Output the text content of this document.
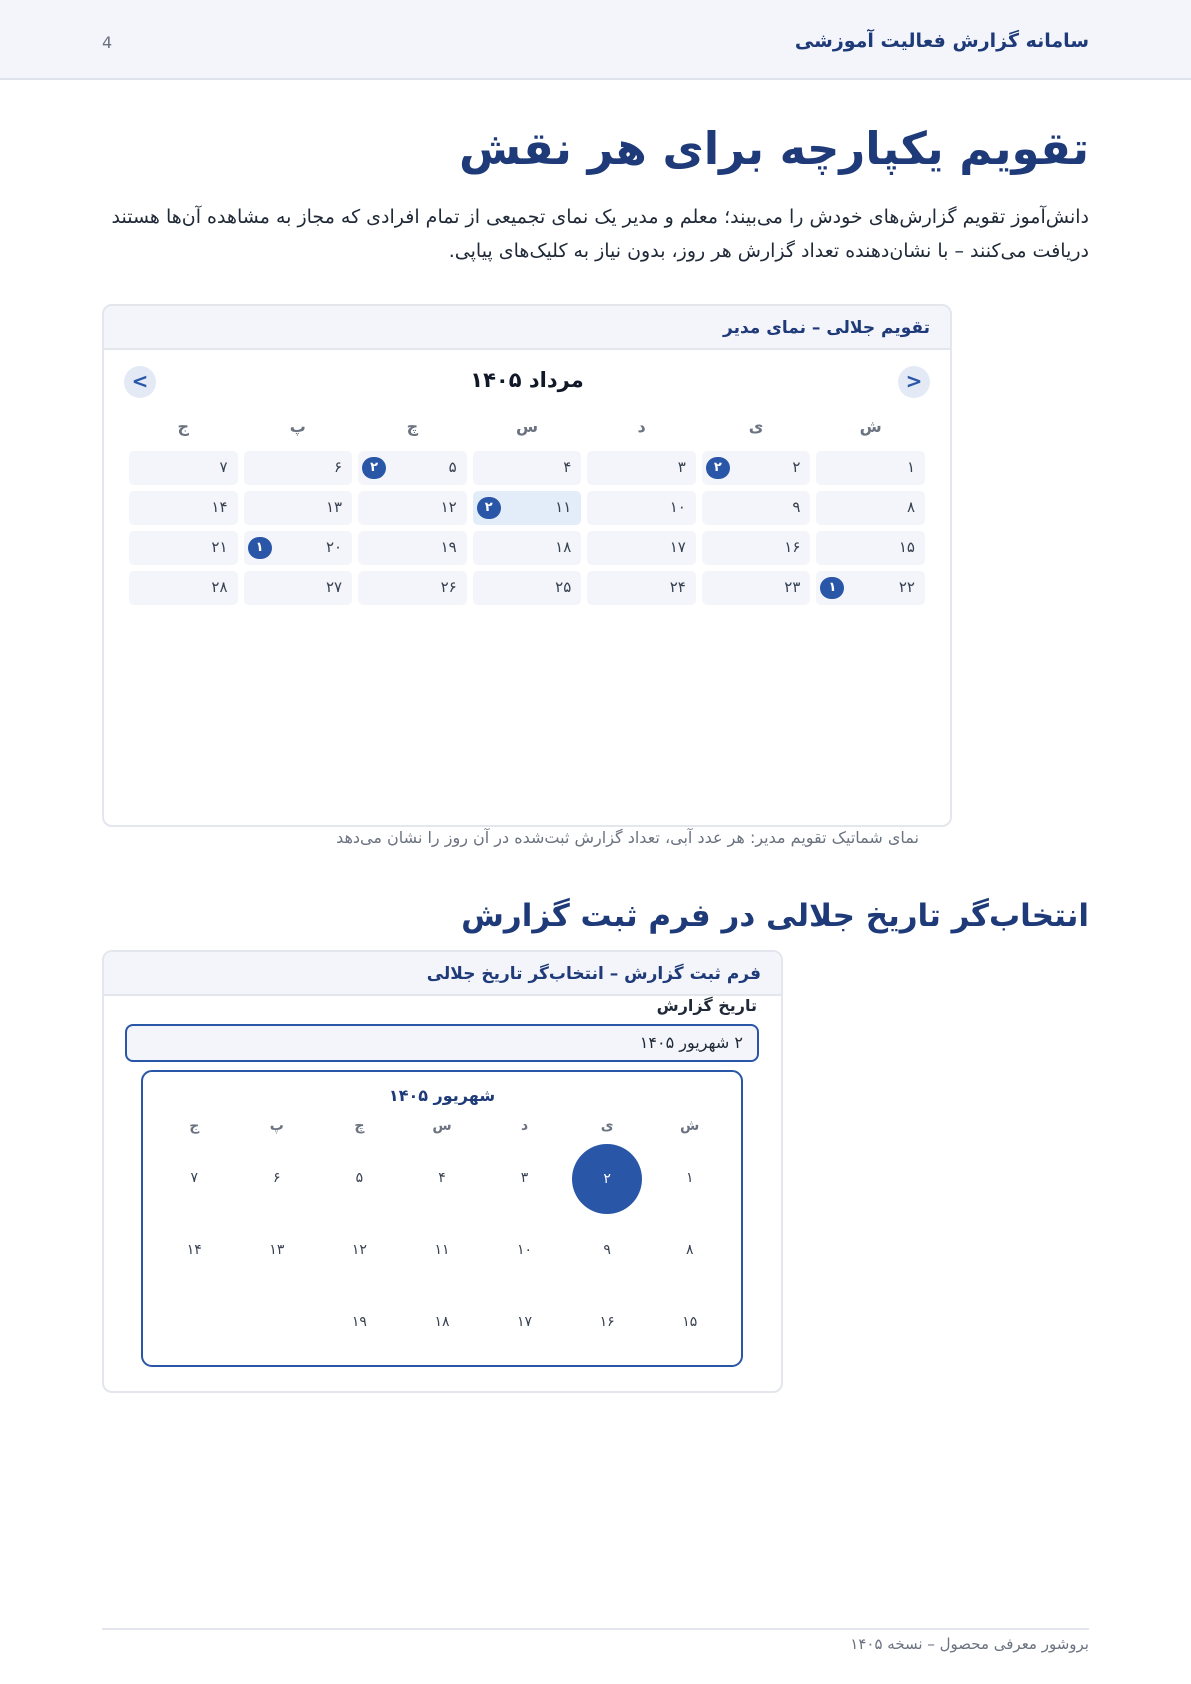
سامانه گزارش فعالیت آموزشی
4
تقویم یکپارچه برای هر نقش

دانش‌آموز تقویم گزارش‌های خودش را می‌بیند؛ معلم و مدیر یک نمای تجمیعی از تمام افرادی که مجاز به مشاهده آن‌ها هستند دریافت می‌کنند – با نشان‌دهنده تعداد گزارش هر روز، بدون نیاز به کلیک‌های پیاپی.

تقویم جلالی – نمای مدیر
>
مرداد ۱۴۰۵
<
ش
ی
د
س
چ
پ
ج
۱
۲
۲
۳
۴
۵
۲
۶
۷
۸
۹
۱۰
۱۱
۲
۱۲
۱۳
۱۴
۱۵
۱۶
۱۷
۱۸
۱۹
۲۰
۱
۲۱
۲۲
۱
۲۳
۲۴
۲۵
۲۶
۲۷
۲۸
نمای شماتیک تقویم مدیر: هر عدد آبی، تعداد گزارش ثبت‌شده در آن روز را نشان می‌دهد
انتخاب‌گر تاریخ جلالی در فرم ثبت گزارش
فرم ثبت گزارش – انتخاب‌گر تاریخ جلالی
تاریخ گزارش
۲ شهریور ۱۴۰۵
شهریور ۱۴۰۵
ش
ی
د
س
چ
پ
ج
۱
۲
۳
۴
۵
۶
۷
۸
۹
۱۰
۱۱
۱۲
۱۳
۱۴
۱۵
۱۶
۱۷
۱۸
۱۹
بروشور معرفی محصول – نسخه ۱۴۰۵
